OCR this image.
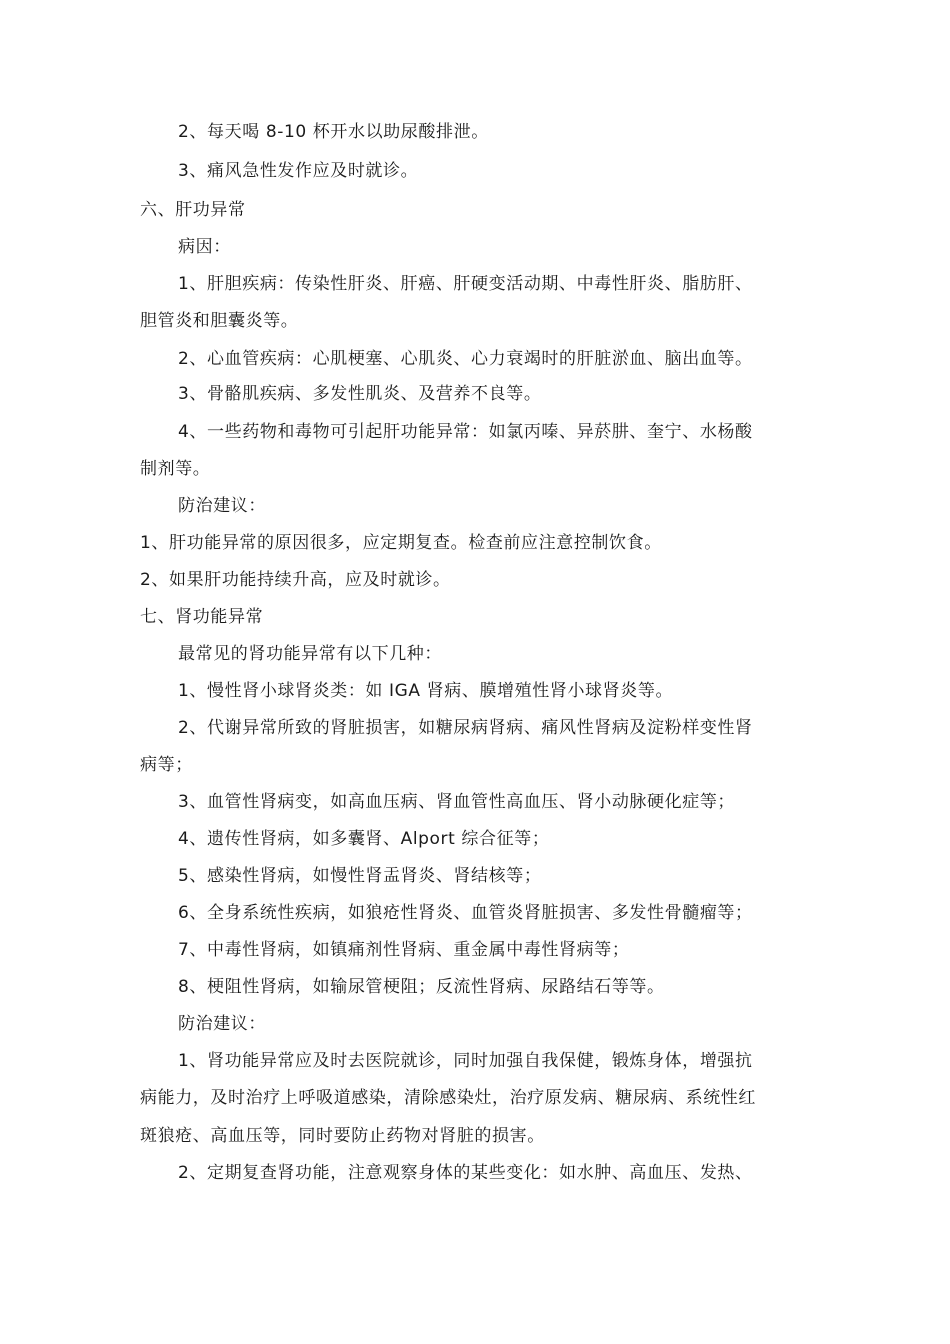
2、每天喝 8-10 杯开水以助尿酸排泄。
3、痛风急性发作应及时就诊。
六、肝功异常
病因：
1、肝胆疾病：传染性肝炎、肝癌、肝硬变活动期、中毒性肝炎、脂肪肝、
胆管炎和胆囊炎等。
2、心血管疾病：心肌梗塞、心肌炎、心力衰竭时的肝脏淤血、脑出血等。
3、骨骼肌疾病、多发性肌炎、及营养不良等。
4、一些药物和毒物可引起肝功能异常：如氯丙嗪、异菸肼、奎宁、水杨酸
制剂等。
防治建议：
1、肝功能异常的原因很多，应定期复查。检查前应注意控制饮食。
2、如果肝功能持续升高，应及时就诊。
七、肾功能异常
最常见的肾功能异常有以下几种：
1、慢性肾小球肾炎类：如 IGA 肾病、膜增殖性肾小球肾炎等。
2、代谢异常所致的肾脏损害，如糖尿病肾病、痛风性肾病及淀粉样变性肾
病等；
3、血管性肾病变，如高血压病、肾血管性高血压、肾小动脉硬化症等；
4、遗传性肾病，如多囊肾、Alport 综合征等；
5、感染性肾病，如慢性肾盂肾炎、肾结核等；
6、全身系统性疾病，如狼疮性肾炎、血管炎肾脏损害、多发性骨髓瘤等；
7、中毒性肾病，如镇痛剂性肾病、重金属中毒性肾病等；
8、梗阻性肾病，如输尿管梗阻；反流性肾病、尿路结石等等。
防治建议：
1、肾功能异常应及时去医院就诊，同时加强自我保健，锻炼身体，增强抗
病能力，及时治疗上呼吸道感染，清除感染灶，治疗原发病、糖尿病、系统性红
斑狼疮、高血压等，同时要防止药物对肾脏的损害。
2、定期复查肾功能，注意观察身体的某些变化：如水肿、高血压、发热、
